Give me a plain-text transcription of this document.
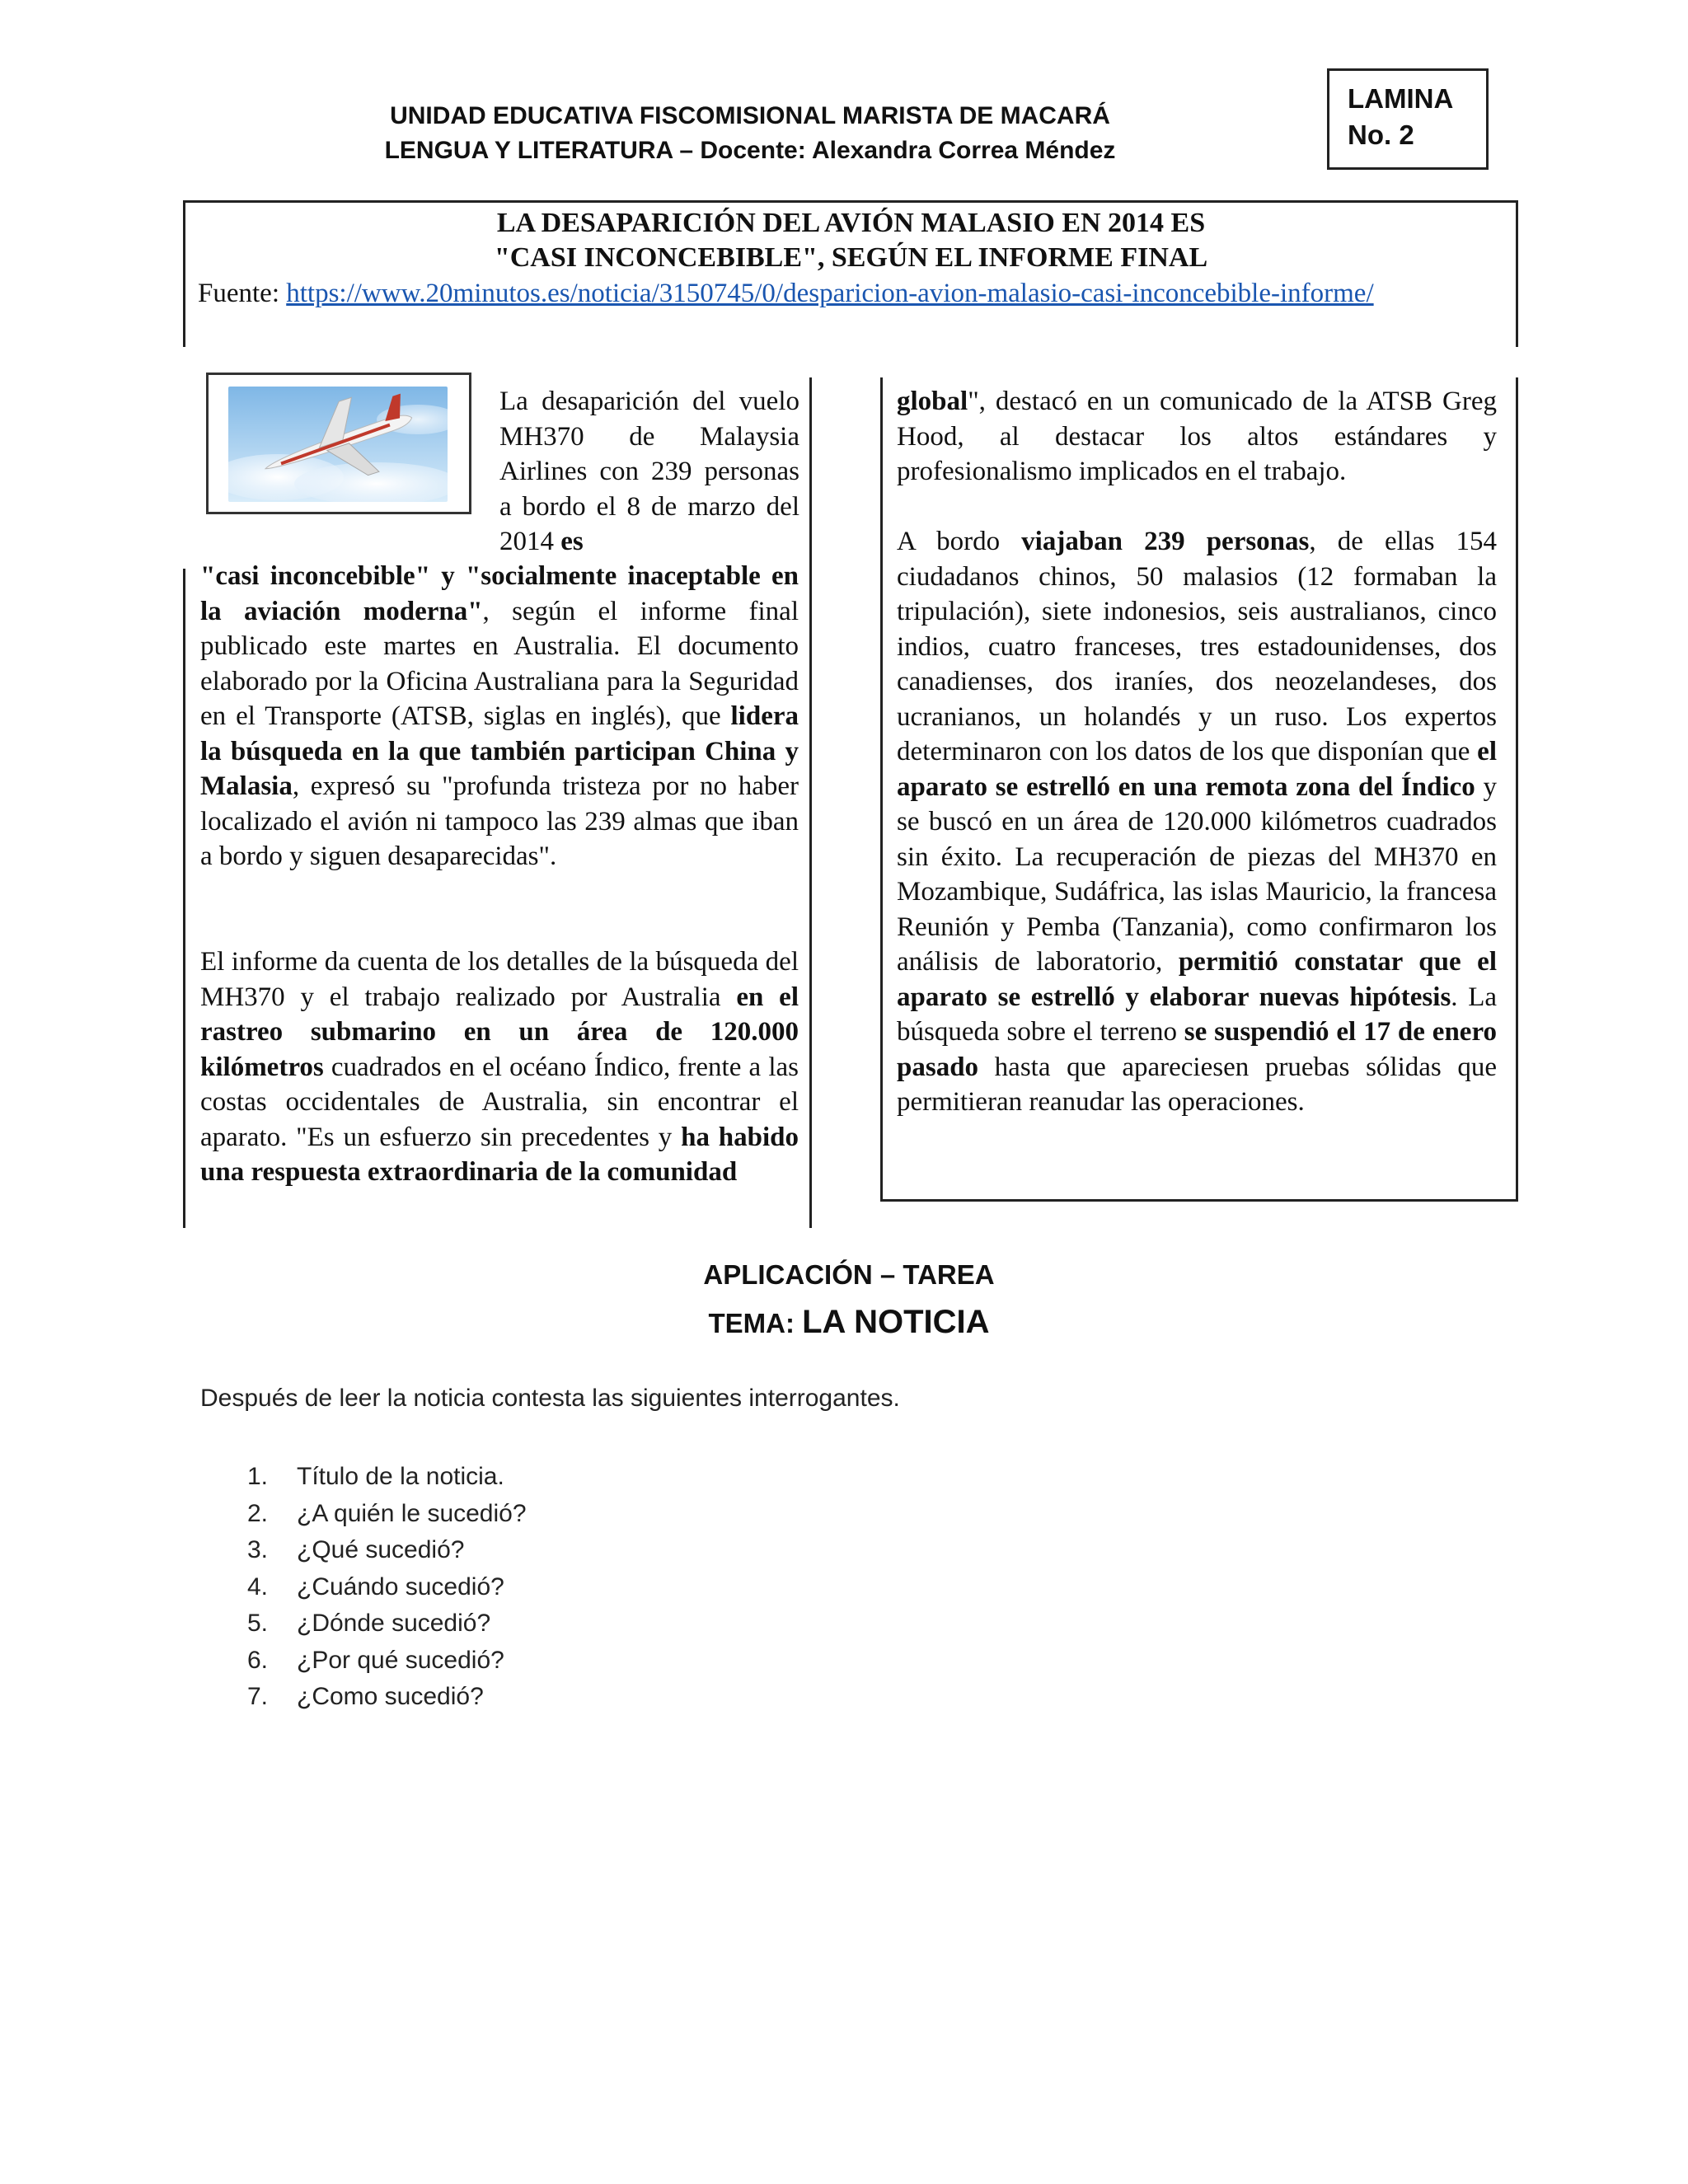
UNIDAD EDUCATIVA FISCOMISIONAL MARISTA DE MACARÁ
LENGUA Y LITERATURA – Docente: Alexandra Correa Méndez
LAMINA
No. 2
LA DESAPARICIÓN DEL AVIÓN MALASIO EN 2014 ES
"CASI INCONCEBIBLE", SEGÚN EL INFORME FINAL
Fuente: https://www.20minutos.es/noticia/3150745/0/desparicion-avion-malasio-casi-inconcebible-informe/
La desaparición del vuelo MH370 de Malaysia Airlines con 239 personas a bordo el 8 de marzo del 2014 es
"casi inconcebible" y "socialmente inaceptable en la aviación moderna", según el informe final publicado este martes en Australia. El documento elaborado por la Oficina Australiana para la Seguridad en el Transporte (ATSB, siglas en inglés), que lidera la búsqueda en la que también participan China y Malasia, expresó su "profunda tristeza por no haber localizado el avión ni tampoco las 239 almas que iban a bordo y siguen desaparecidas".
El informe da cuenta de los detalles de la búsqueda del MH370 y el trabajo realizado por Australia en el rastreo submarino en un área de 120.000 kilómetros cuadrados en el océano Índico, frente a las costas occidentales de Australia, sin encontrar el aparato. "Es un esfuerzo sin precedentes y ha habido una respuesta extraordinaria de la comunidad
global", destacó en un comunicado de la ATSB Greg Hood, al destacar los altos estándares y profesionalismo implicados en el trabajo.
A bordo viajaban 239 personas, de ellas 154 ciudadanos chinos, 50 malasios (12 formaban la tripulación), siete indonesios, seis australianos, cinco indios, cuatro franceses, tres estadounidenses, dos canadienses, dos iraníes, dos neozelandeses, dos ucranianos, un holandés y un ruso. Los expertos determinaron con los datos de los que disponían que el aparato se estrelló en una remota zona del Índico y se buscó en un área de 120.000 kilómetros cuadrados sin éxito. La recuperación de piezas del MH370 en Mozambique, Sudáfrica, las islas Mauricio, la francesa Reunión y Pemba (Tanzania), como confirmaron los análisis de laboratorio, permitió constatar que el aparato se estrelló y elaborar nuevas hipótesis. La búsqueda sobre el terreno se suspendió el 17 de enero pasado hasta que apareciesen pruebas sólidas que permitieran reanudar las operaciones.
APLICACIÓN – TAREA
TEMA: LA NOTICIA
Después de leer la noticia contesta las siguientes interrogantes.
1.	Título de la noticia.
2.	¿A quién le sucedió?
3.	¿Qué sucedió?
4.	¿Cuándo sucedió?
5.	¿Dónde sucedió?
6.	¿Por qué sucedió?
7.	¿Como sucedió?
